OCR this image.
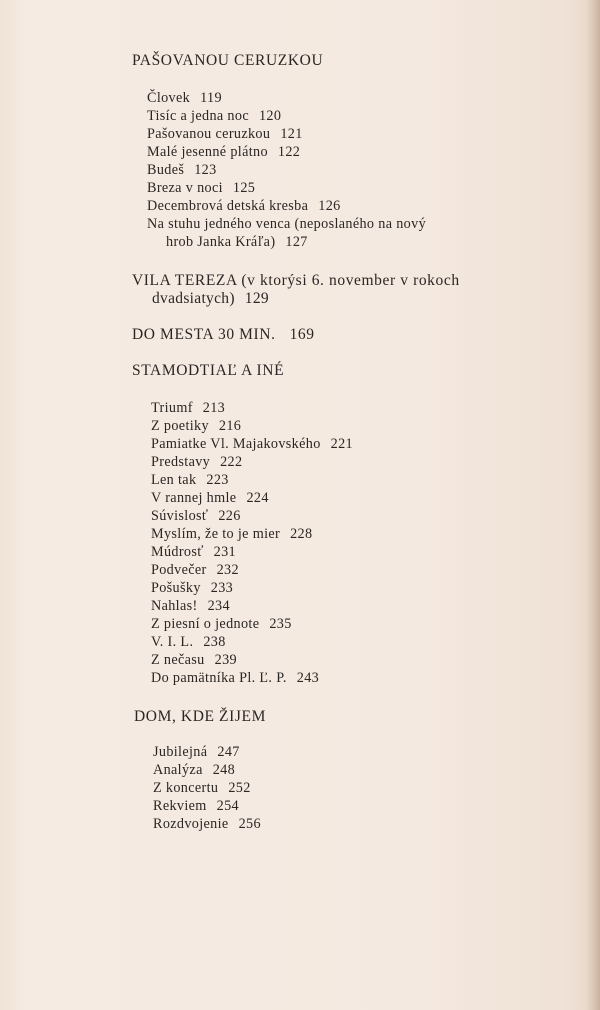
PAŠOVANOU CERUZKOU
Človek 119
Tisíc a jedna noc 120
Pašovanou ceruzkou 121
Malé jesenné plátno 122
Budeš 123
Breza v noci 125
Decembrová detská kresba 126
Na stuhu jedného venca (neposlaného na nový
hrob Janka Kráľa) 127
VILA TEREZA (v ktorýsi 6. november v rokoch
dvadsiatych) 129
DO MESTA 30 MIN. 169
STAMODTIAĽ A INÉ
Triumf 213
Z poetiky 216
Pamiatke Vl. Majakovského 221
Predstavy 222
Len tak 223
V rannej hmle 224
Súvislosť 226
Myslím, že to je mier 228
Múdrosť 231
Podvečer 232
Pošušky 233
Nahlas! 234
Z piesní o jednote 235
V. I. L. 238
Z nečasu 239
Do pamätníka Pl. Ľ. P. 243
DOM, KDE ŽIJEM
Jubilejná 247
Analýza 248
Z koncertu 252
Rekviem 254
Rozdvojenie 256
